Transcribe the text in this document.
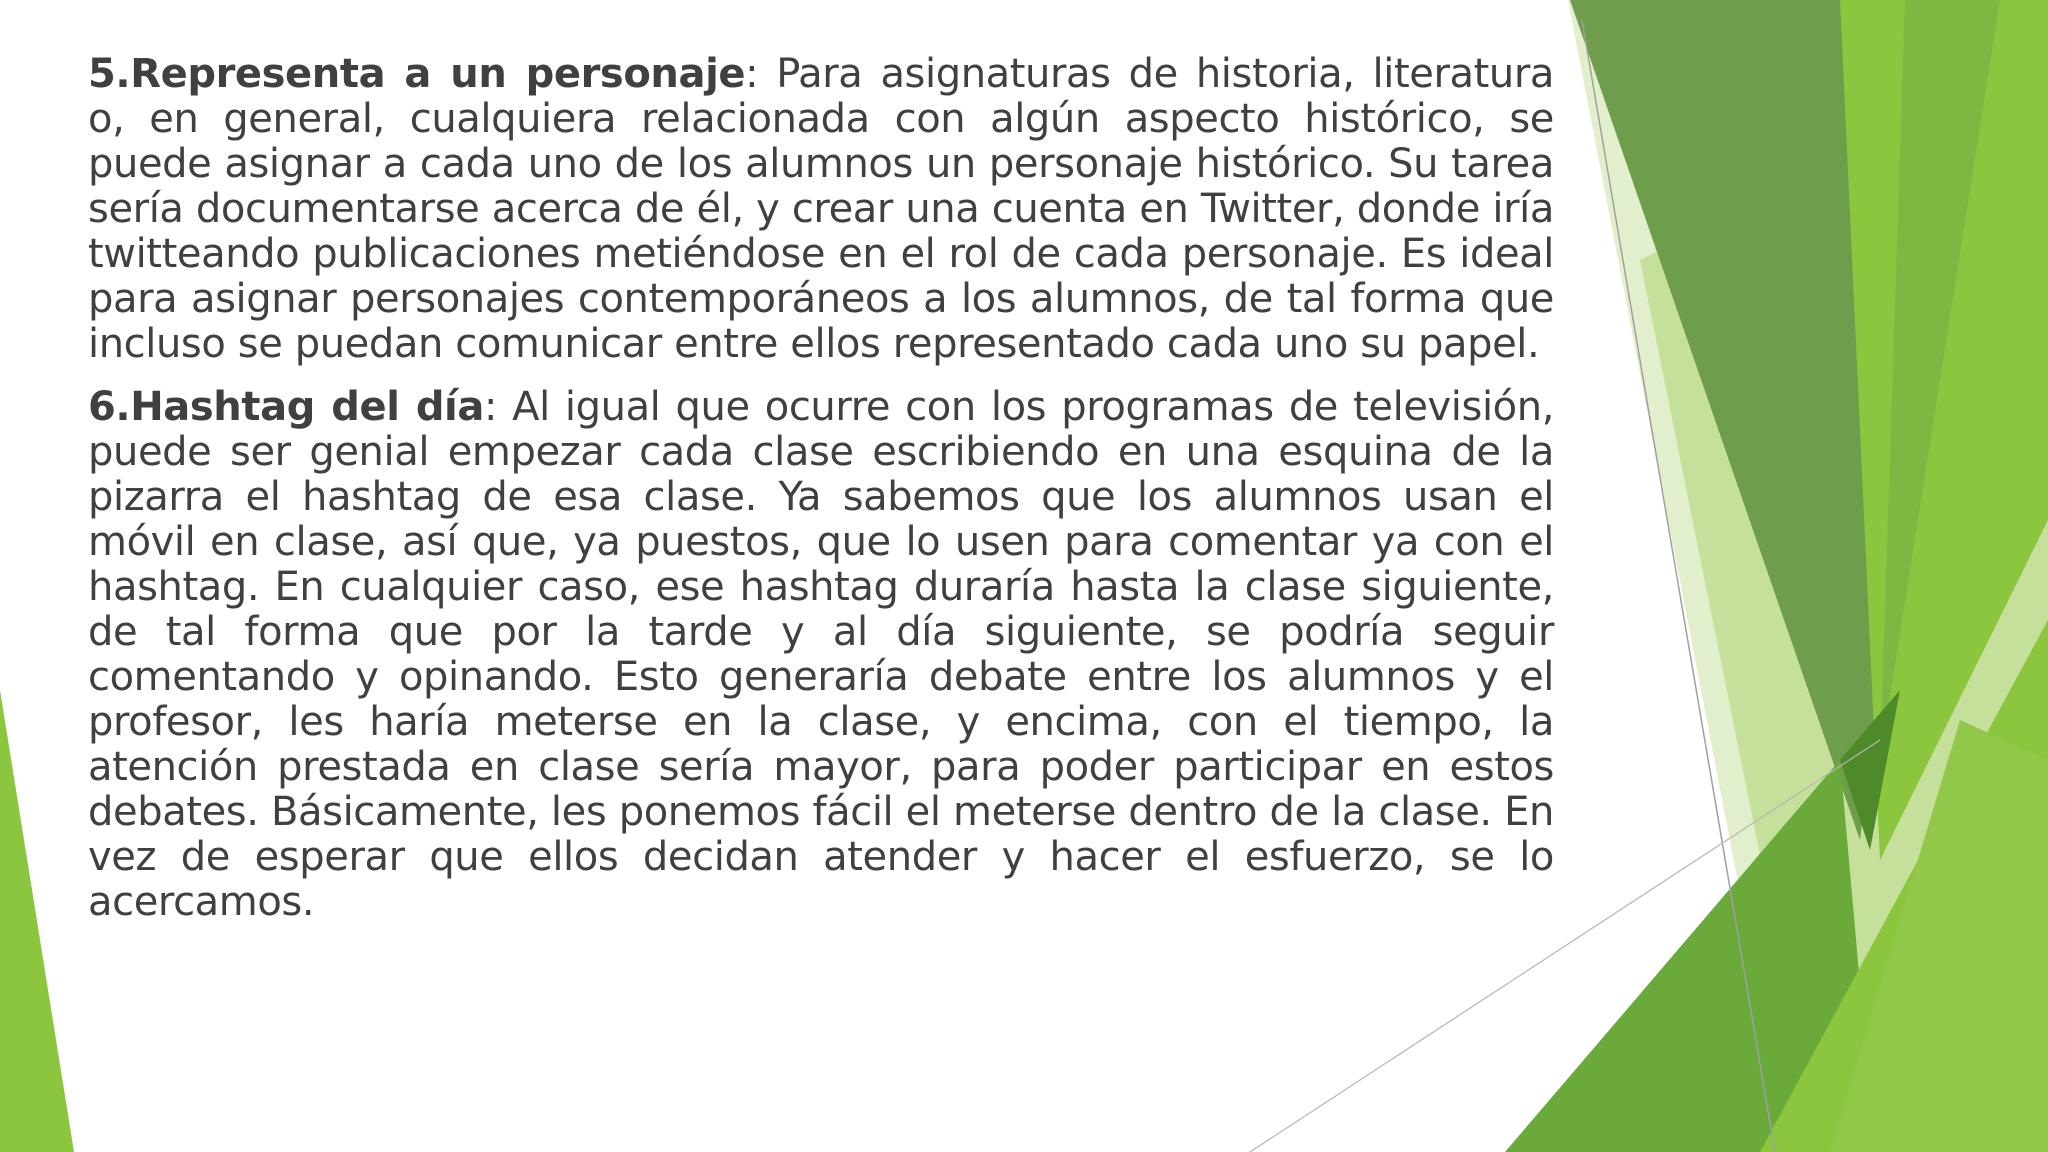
5.Representa a un personaje: Para asignaturas de historia, literatura o, en general, cualquiera relacionada con algún aspecto histórico, se puede asignar a cada uno de los alumnos un personaje histórico. Su tarea sería documentarse acerca de él, y crear una cuenta en Twitter, donde iría twitteando publicaciones metiéndose en el rol de cada personaje. Es ideal para asignar personajes contemporáneos a los alumnos, de tal forma que incluso se puedan comunicar entre ellos representado cada uno su papel.

6.Hashtag del día: Al igual que ocurre con los programas de televisión, puede ser genial empezar cada clase escribiendo en una esquina de la pizarra el hashtag de esa clase. Ya sabemos que los alumnos usan el móvil en clase, así que, ya puestos, que lo usen para comentar ya con el hashtag. En cualquier caso, ese hashtag duraría hasta la clase siguiente, de tal forma que por la tarde y al día siguiente, se podría seguir comentando y opinando. Esto generaría debate entre los alumnos y el profesor, les haría meterse en la clase, y encima, con el tiempo, la atención prestada en clase sería mayor, para poder participar en estos debates. Básicamente, les ponemos fácil el meterse dentro de la clase. En vez de esperar que ellos decidan atender y hacer el esfuerzo, se lo acercamos.
